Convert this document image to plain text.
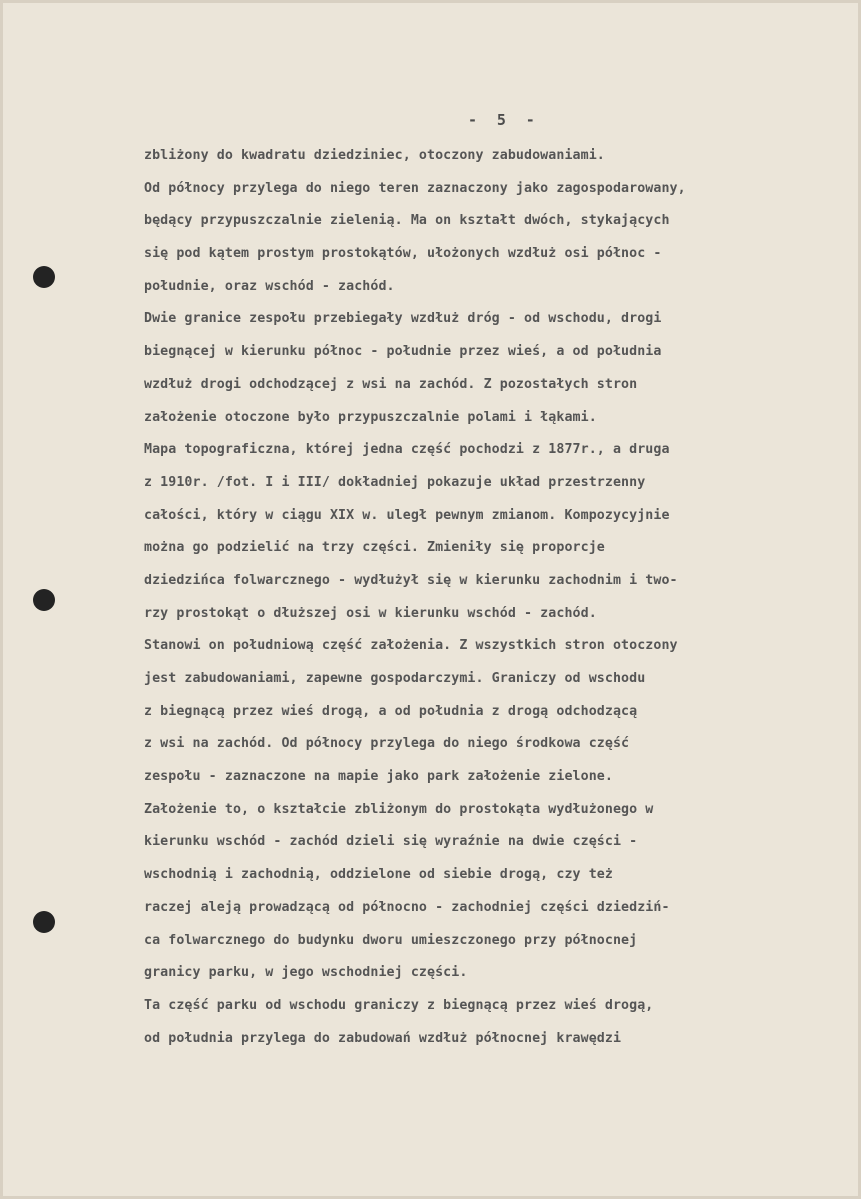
-  5  -
zbliżony do kwadratu dziedziniec, otoczony zabudowaniami.
Od północy przylega do niego teren zaznaczony jako zagospodarowany,
będący przypuszczalnie zielenią. Ma on kształt dwóch, stykających
się pod kątem prostym prostokątów, ułożonych wzdłuż osi północ -
południe, oraz wschód - zachód.
Dwie granice zespołu przebiegały wzdłuż dróg - od wschodu, drogi
biegnącej w kierunku północ - południe przez wieś, a od południa
wzdłuż drogi odchodzącej z wsi na zachód. Z pozostałych stron
założenie otoczone było przypuszczalnie polami i łąkami.
Mapa topograficzna, której jedna część pochodzi z 1877r., a druga
z 1910r. /fot. I i III/ dokładniej pokazuje układ przestrzenny
całości, który w ciągu XIX w. uległ pewnym zmianom. Kompozycyjnie
można go podzielić na trzy części. Zmieniły się proporcje
dziedzińca folwarcznego - wydłużył się w kierunku zachodnim i two-
rzy prostokąt o dłuższej osi w kierunku wschód - zachód.
Stanowi on południową część założenia. Z wszystkich stron otoczony
jest zabudowaniami, zapewne gospodarczymi. Graniczy od wschodu
z biegnącą przez wieś drogą, a od południa z drogą odchodzącą
z wsi na zachód. Od północy przylega do niego środkowa część
zespołu - zaznaczone na mapie jako park założenie zielone.
Założenie to, o kształcie zbliżonym do prostokąta wydłużonego w
kierunku wschód - zachód dzieli się wyraźnie na dwie części -
wschodnią i zachodnią, oddzielone od siebie drogą, czy też
raczej aleją prowadzącą od północno - zachodniej części dziedziń-
ca folwarcznego do budynku dworu umieszczonego przy północnej
granicy parku, w jego wschodniej części.
Ta część parku od wschodu graniczy z biegnącą przez wieś drogą,
od południa przylega do zabudowań wzdłuż północnej krawędzi
